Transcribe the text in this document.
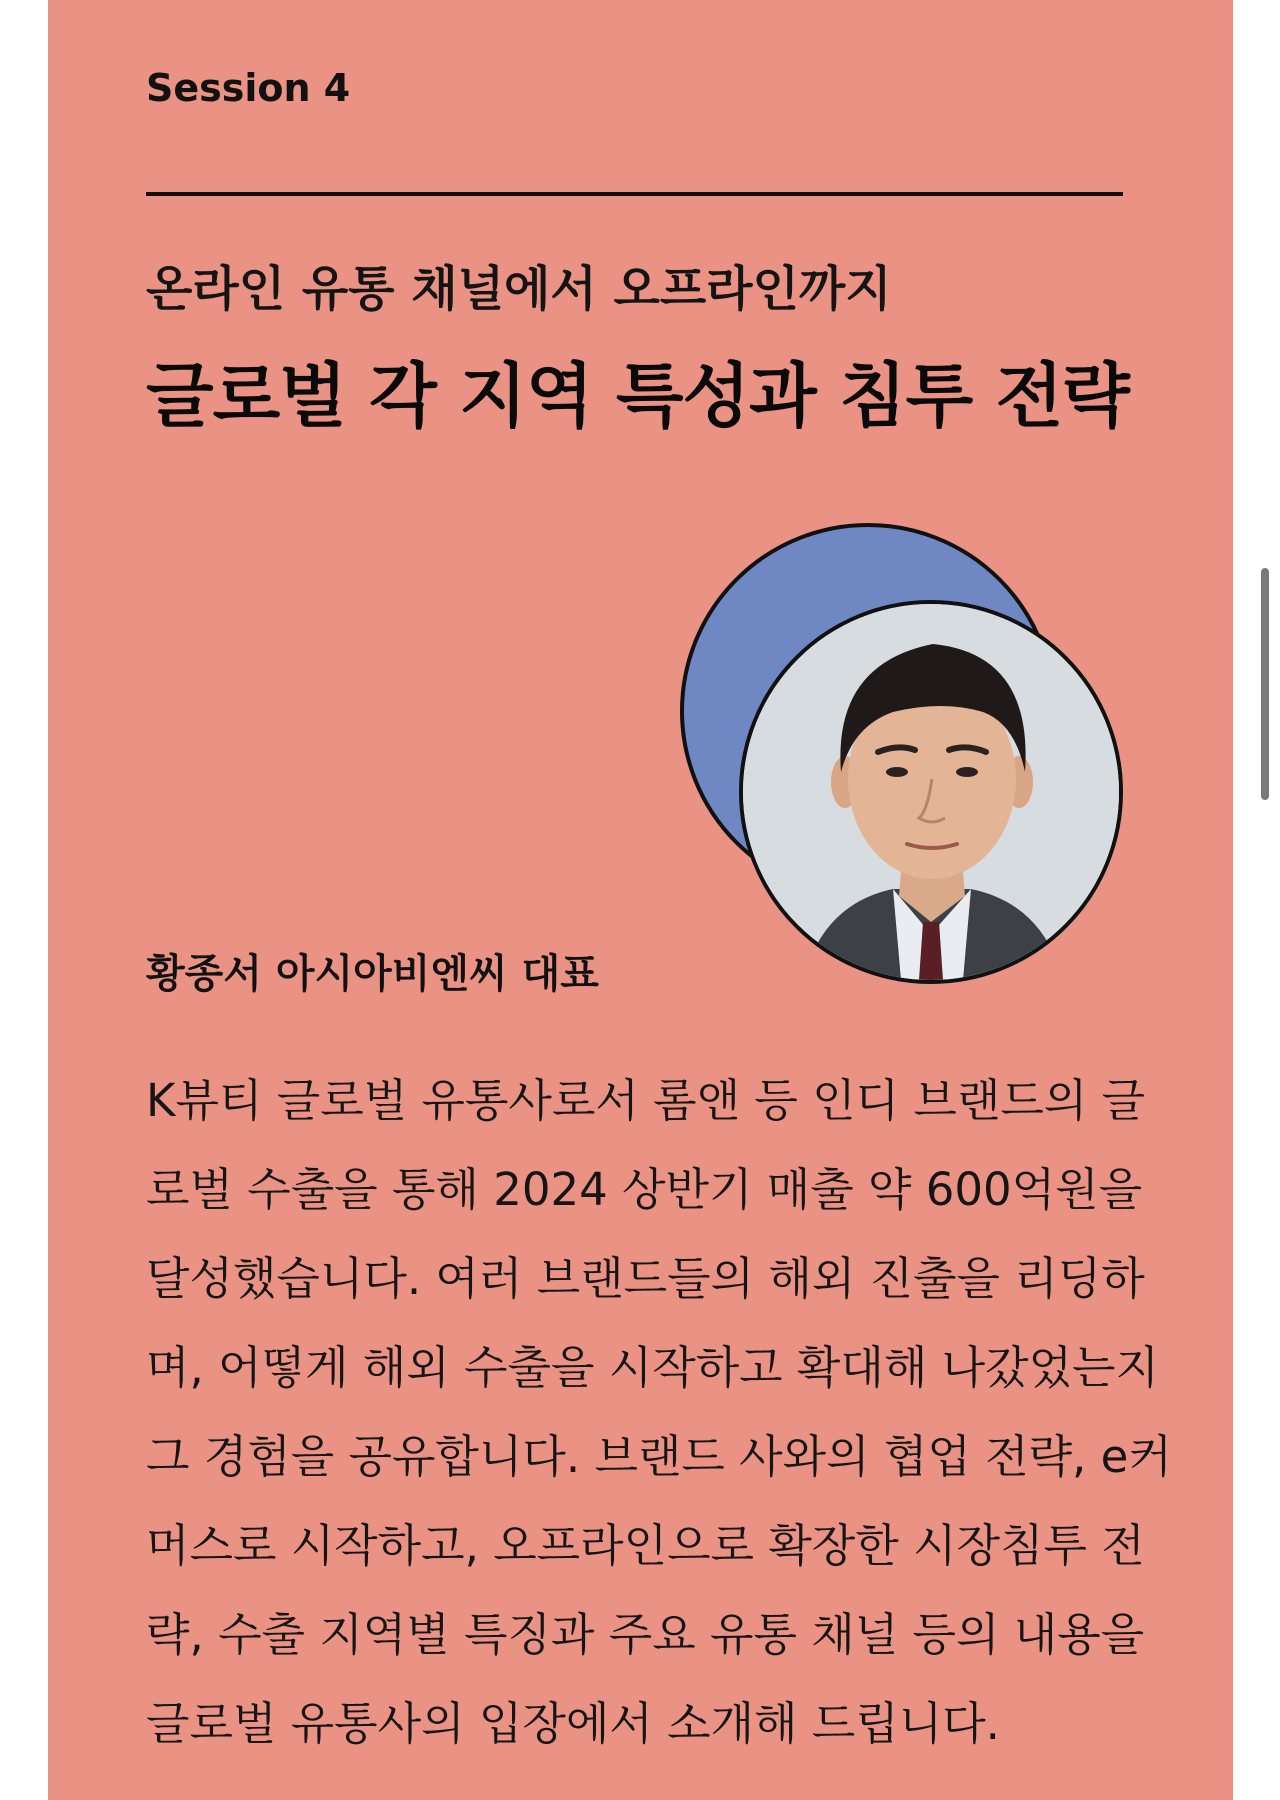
Session 4
온라인 유통 채널에서 오프라인까지
글로벌 각 지역 특성과 침투 전략
황종서 아시아비엔씨 대표

K뷰티 글로벌 유통사로서 롬앤 등 인디 브랜드의 글
로벌 수출을 통해 2024 상반기 매출 약 600억원을
달성했습니다. 여러 브랜드들의 해외 진출을 리딩하
며, 어떻게 해외 수출을 시작하고 확대해 나갔었는지
그 경험을 공유합니다. 브랜드 사와의 협업 전략, e커
머스로 시작하고, 오프라인으로 확장한 시장침투 전
략, 수출 지역별 특징과 주요 유통 채널 등의 내용을
글로벌 유통사의 입장에서 소개해 드립니다.
